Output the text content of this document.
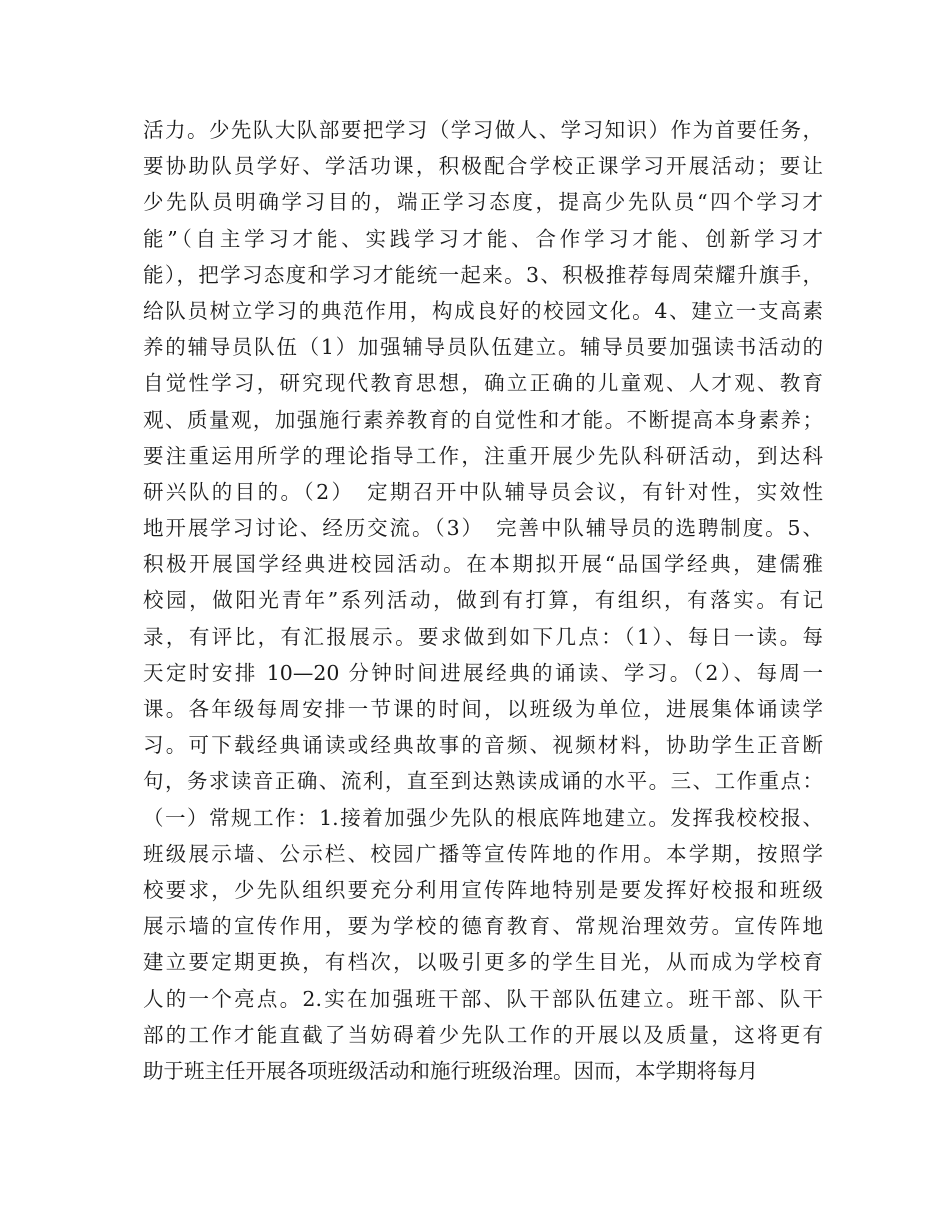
活力。少先队大队部要把学习（学习做人、学习知识）作为首要任务，
要协助队员学好、学活功课，积极配合学校正课学习开展活动；要让
少先队员明确学习目的，端正学习态度，提高少先队员“四个学习才
能”（自主学习才能、实践学习才能、合作学习才能、创新学习才
能），把学习态度和学习才能统一起来。3、积极推荐每周荣耀升旗手，
给队员树立学习的典范作用，构成良好的校园文化。4、建立一支高素
养的辅导员队伍（1）加强辅导员队伍建立。辅导员要加强读书活动的
自觉性学习，研究现代教育思想，确立正确的儿童观、人才观、教育
观、质量观，加强施行素养教育的自觉性和才能。不断提高本身素养；
要注重运用所学的理论指导工作，注重开展少先队科研活动，到达科
研兴队的目的。（2）　定期召开中队辅导员会议，有针对性，实效性
地开展学习讨论、经历交流。（3）　完善中队辅导员的选聘制度。5、
积极开展国学经典进校园活动。在本期拟开展“品国学经典，建儒雅
校园，做阳光青年”系列活动，做到有打算，有组织，有落实。有记
录，有评比，有汇报展示。要求做到如下几点：（1）、每日一读。每
天定时安排 10—20 分钟时间进展经典的诵读、学习。（2）、每周一
课。各年级每周安排一节课的时间，以班级为单位，进展集体诵读学
习。可下载经典诵读或经典故事的音频、视频材料，协助学生正音断
句，务求读音正确、流利，直至到达熟读成诵的水平。三、工作重点：
（一）常规工作：1.接着加强少先队的根底阵地建立。发挥我校校报、
班级展示墙、公示栏、校园广播等宣传阵地的作用。本学期，按照学
校要求，少先队组织要充分利用宣传阵地特别是要发挥好校报和班级
展示墙的宣传作用，要为学校的德育教育、常规治理效劳。宣传阵地
建立要定期更换，有档次，以吸引更多的学生目光，从而成为学校育
人的一个亮点。2.实在加强班干部、队干部队伍建立。班干部、队干
部的工作才能直截了当妨碍着少先队工作的开展以及质量，这将更有
助于班主任开展各项班级活动和施行班级治理。因而，本学期将每月
